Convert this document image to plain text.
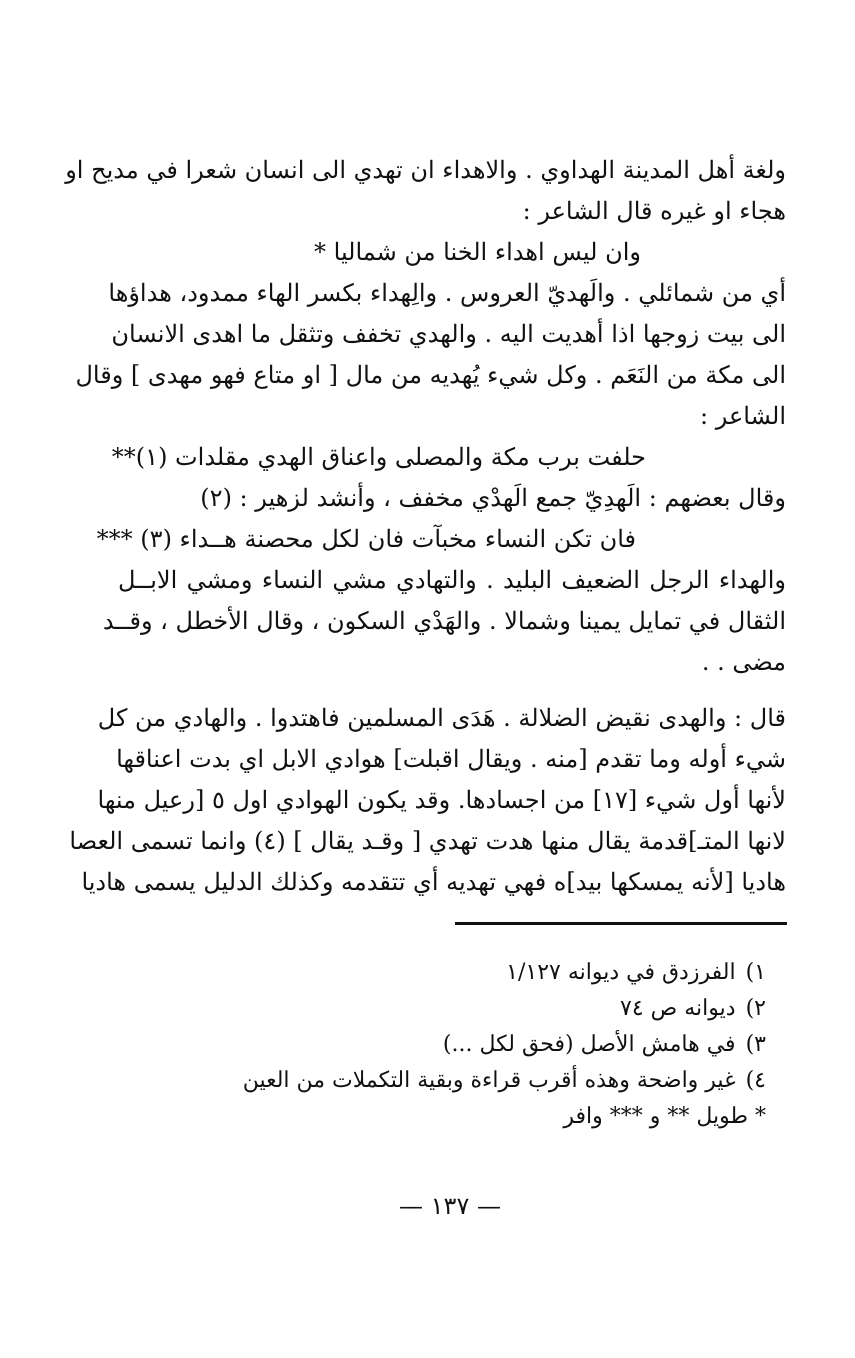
ولغة أهل المدينة الهداوي . والاهداء ان تهدي الى انسان شعرا في مديح او
هجاء او غيره قال الشاعر :
وان ليس اهداء الخنا من شماليا *
أي من شمائلي . والَهديّ العروس . والِهداء بكسر الهاء ممدود، هداؤها
الى بيت زوجها اذا أهديت اليه . والهدي تخفف وتثقل ما اهدى الانسان
الى مكة من النَعَم . وكل شيء يُهديه من مال [ او متاع فهو مهدى ] وقال
الشاعر :
حلفت برب مكة والمصلى واعناق الهدي مقلدات (١)**
وقال بعضهم : الَهدِيّ جمع الَهدْي مخفف ، وأنشد لزهير : (٢)
فان تكن النساء مخبآت فان لكل محصنة هــداء (٣) ***
والهداء الرجل الضعيف البليد . والتهادي مشي النساء ومشي الابــل
الثقال في تمايل يمينا وشمالا . والهَدْي السكون ، وقال الأخطل ، وقــد
مضى . .
قال : والهدى نقيض الضلالة . هَدَى المسلمين فاهتدوا . والهادي من كل
شيء أوله وما تقدم [منه . ويقال اقبلت] هوادي الابل اي بدت اعناقها
لأنها أول شيء [١٧] من اجسادها. وقد يكون الهوادي اول ٥ [رعيل منها
لانها المتـ]قدمة يقال منها هدت تهدي [ وقـد يقال ] (٤) وانما تسمى العصا
هاديا [لأنه يمسكها بيد]ه فهي تهديه أي تتقدمه وكذلك الدليل يسمى هاديا
١)الفرزدق في ديوانه ١/١٢٧
٢)ديوانه ص ٧٤
٣)في هامش الأصل (فحق لكل ...)
٤)غير واضحة وهذه أقرب قراءة وبقية التكملات من العين
* طويل ** و *** وافر
— ١٣٧ —
